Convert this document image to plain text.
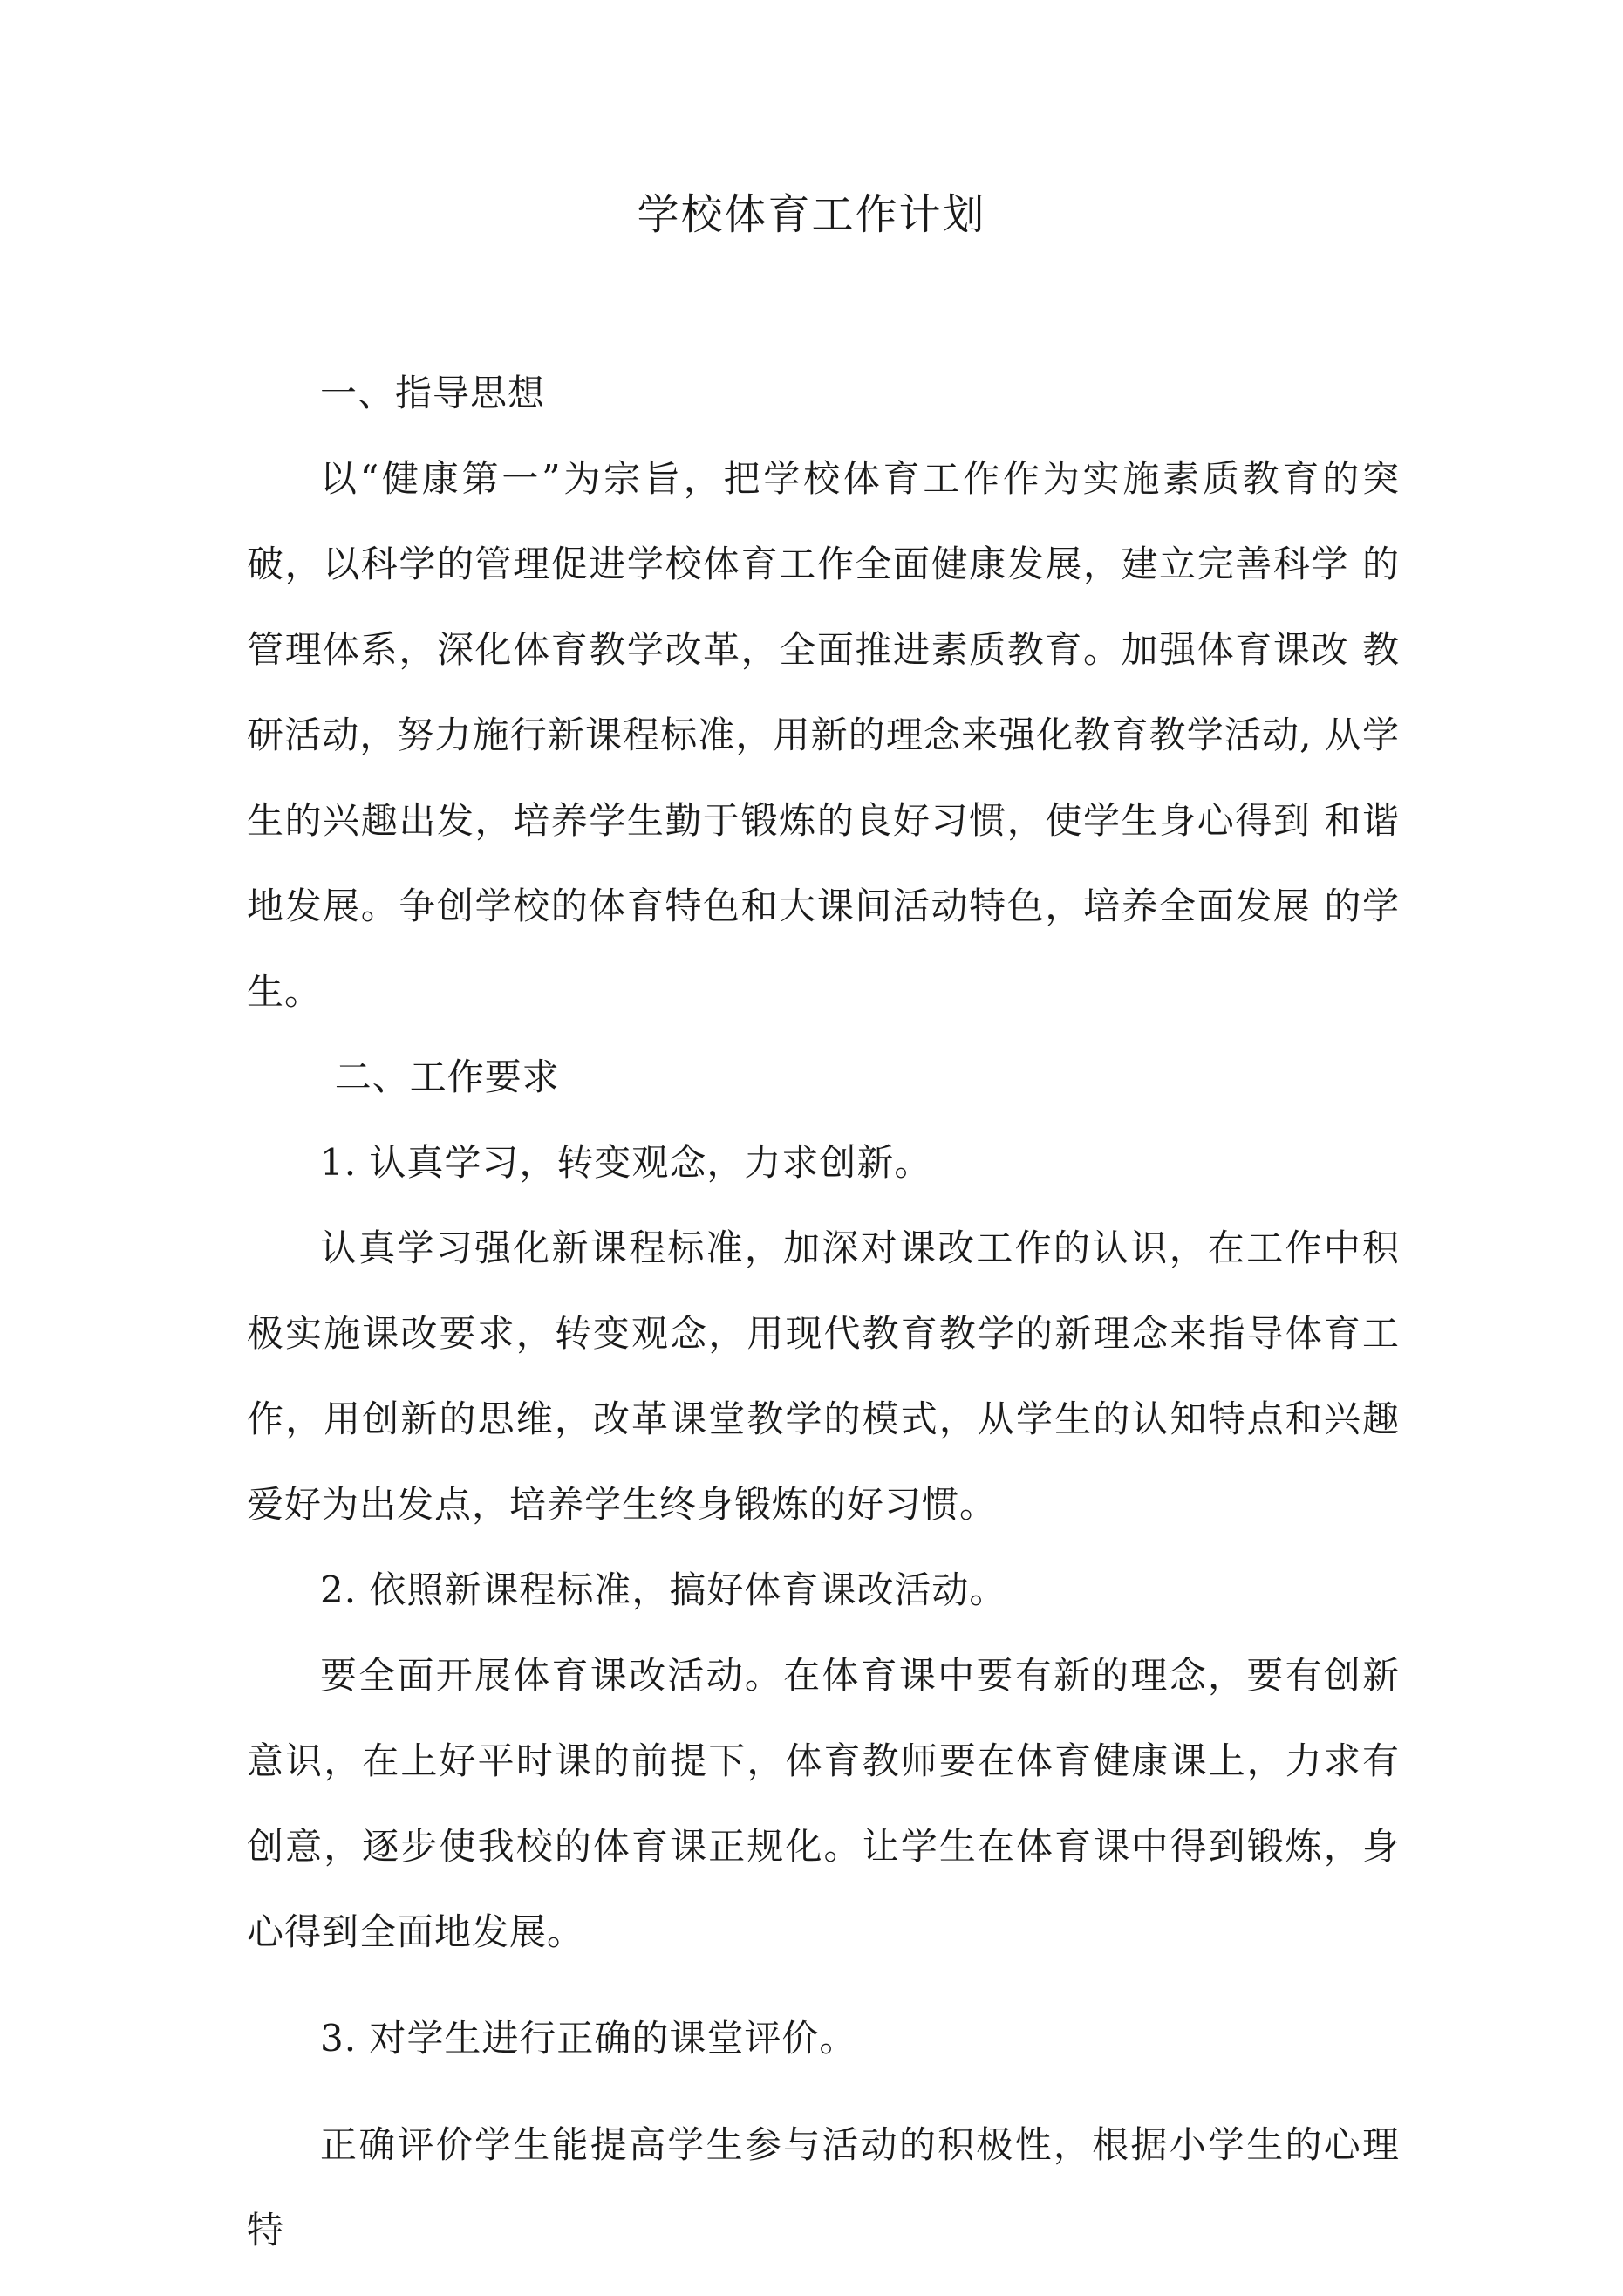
学校体育工作计划

一、指导思想

以“健康第一”为宗旨，把学校体育工作作为实施素质教育的突 破，以科学的管理促进学校体育工作全面健康发展，建立完善科学 的管理体系，深化体育教学改革，全面推进素质教育。加强体育课改 教研活动，努力施行新课程标准，用新的理念来强化教育教学活动, 从学生的兴趣出发，培养学生勤于锻炼的良好习惯，使学生身心得到 和谐地发展。争创学校的体育特色和大课间活动特色，培养全面发展 的学生。

二、工作要求

1. 认真学习，转变观念，力求创新。

认真学习强化新课程标准，加深对课改工作的认识，在工作中积 极实施课改要求，转变观念，用现代教育教学的新理念来指导体育工 作，用创新的思维，改革课堂教学的模式，从学生的认知特点和兴趣 爱好为出发点，培养学生终身锻炼的好习惯。

2. 依照新课程标准，搞好体育课改活动。

要全面开展体育课改活动。在体育课中要有新的理念，要有创新 意识，在上好平时课的前提下，体育教师要在体育健康课上，力求有 创意，逐步使我校的体育课正规化。让学生在体育课中得到锻炼，身 心得到全面地发展。

3. 对学生进行正确的课堂评价。

正确评价学生能提高学生参与活动的积极性，根据小学生的心理 特
